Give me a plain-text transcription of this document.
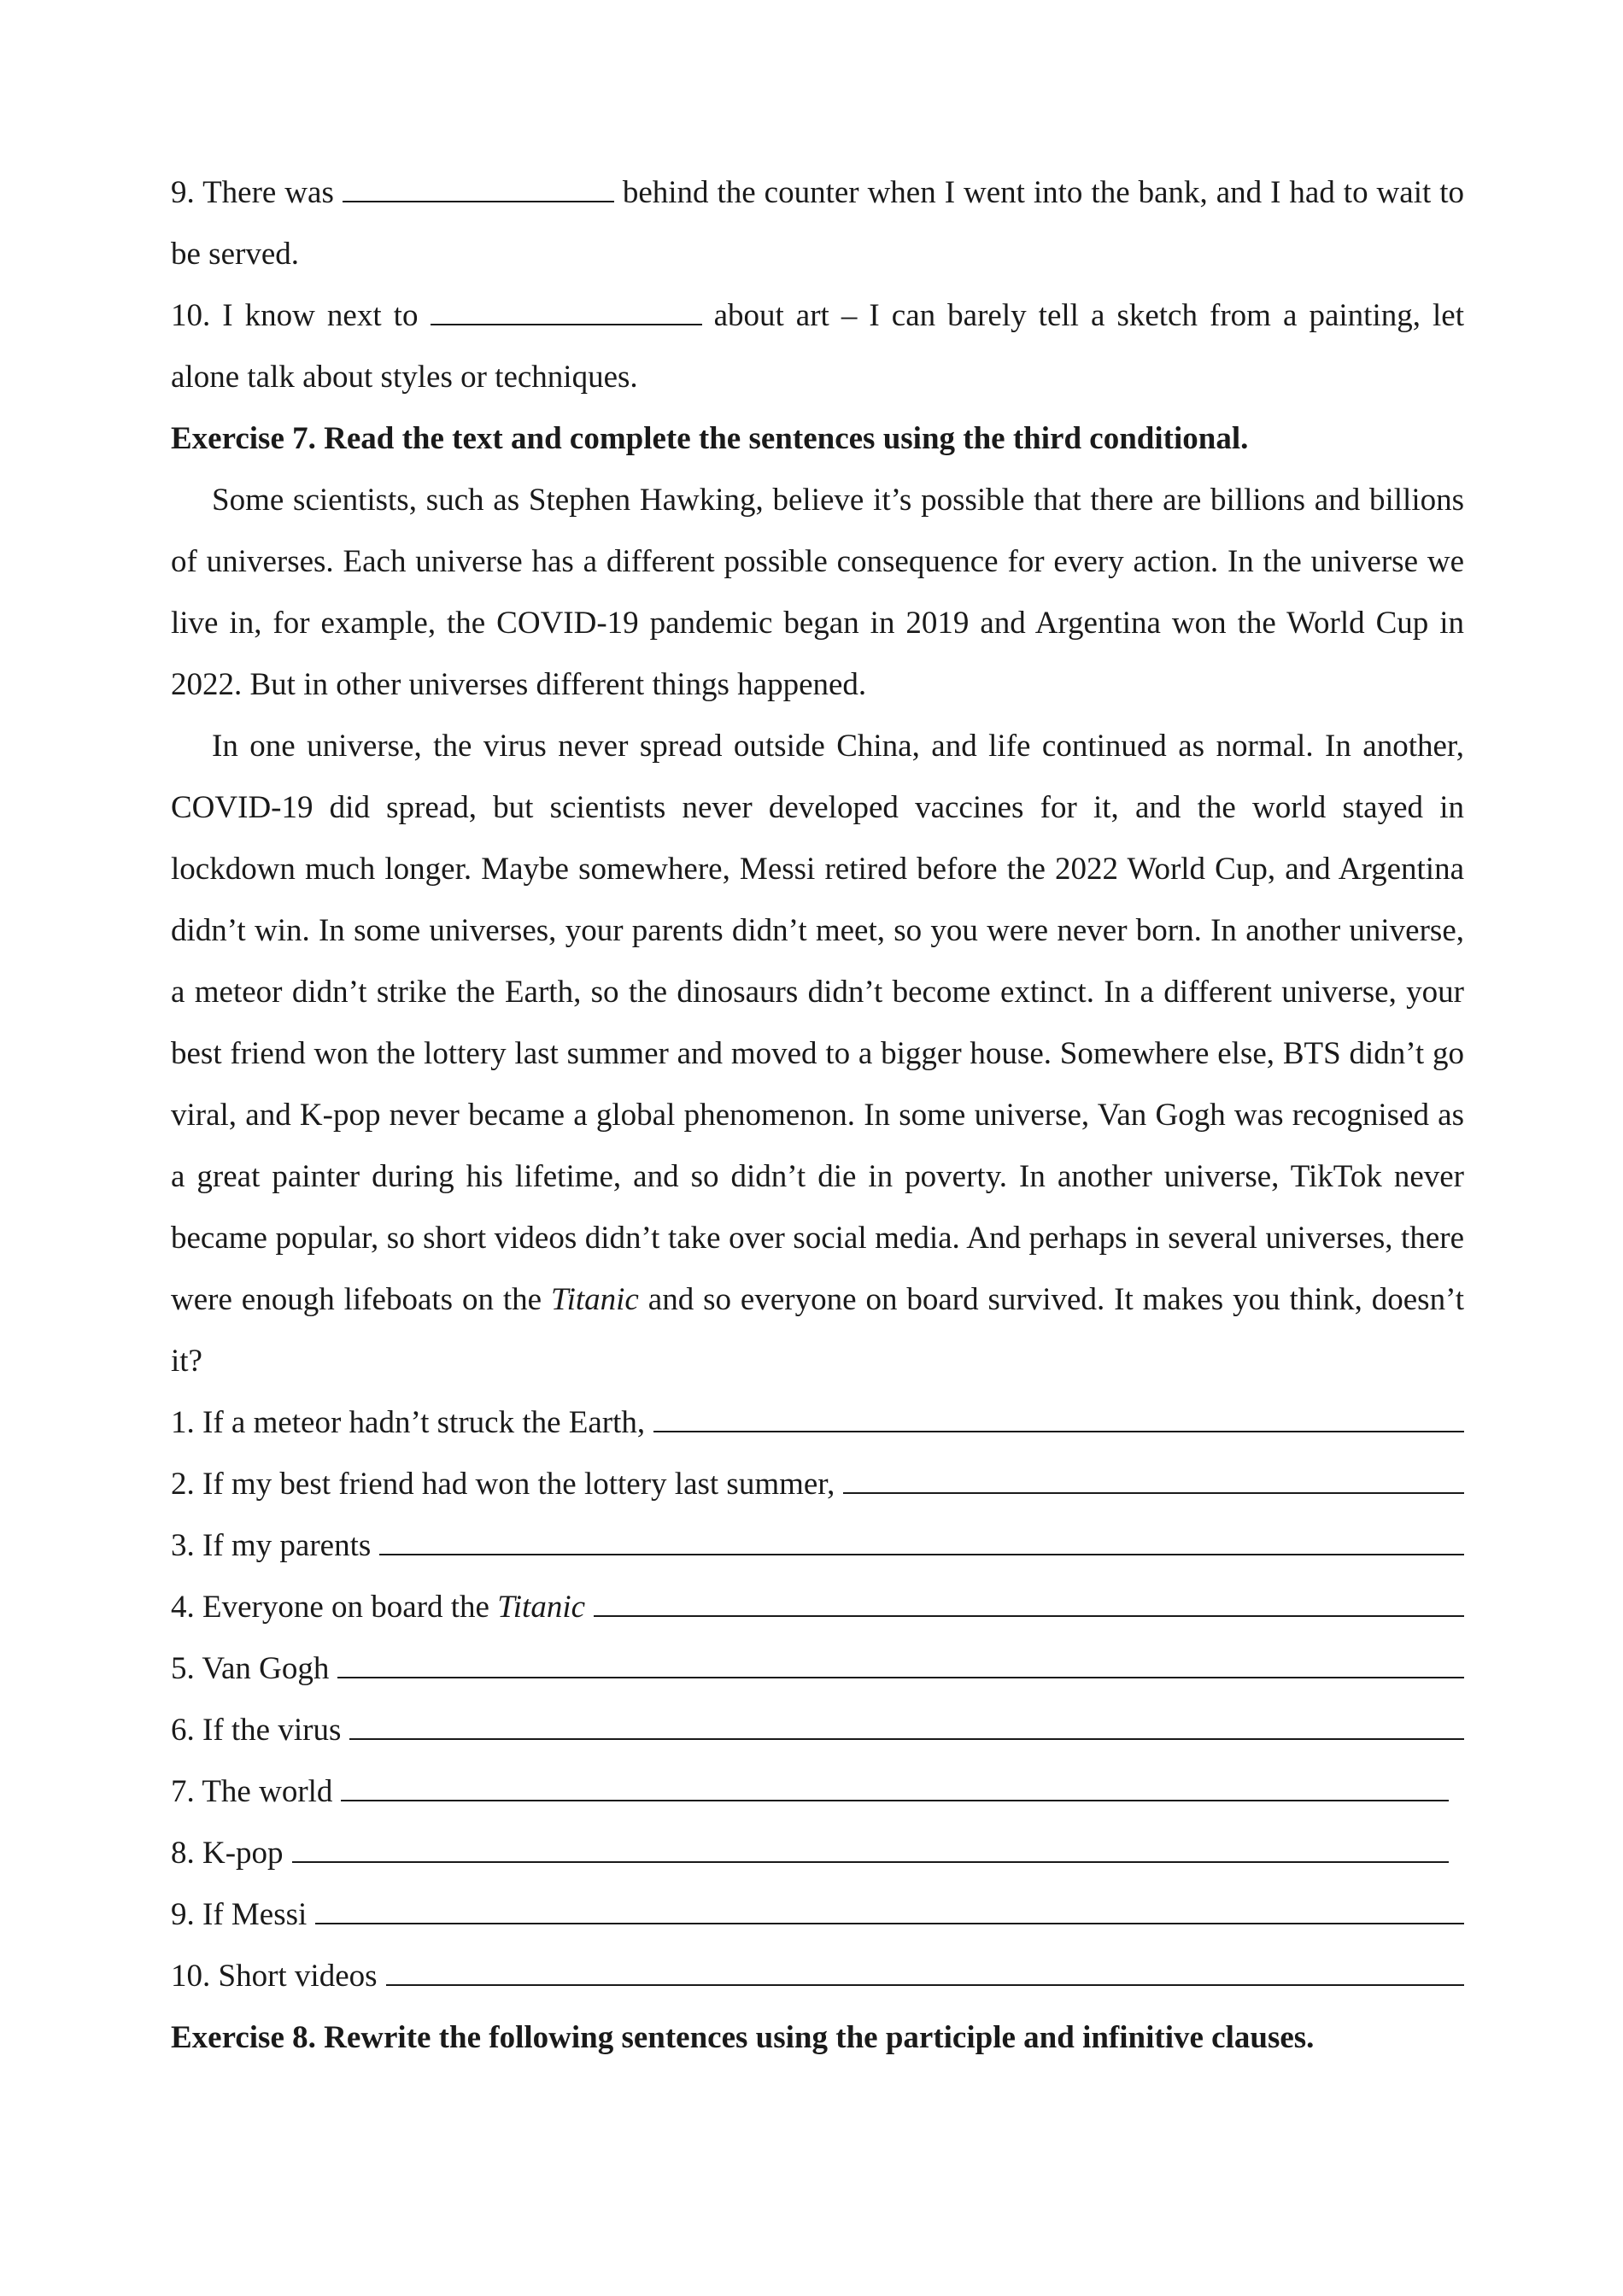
9. There was	behind the counter when I went into the bank, and I had to wait to be served.
10. I know next to	about art – I can barely tell a sketch from a painting, let alone talk about styles or techniques.
Exercise 7. Read the text and complete the sentences using the third conditional.
Some scientists, such as Stephen Hawking, believe it’s possible that there are billions and billions of universes. Each universe has a different possible consequence for every action. In the universe we live in, for example, the COVID-19 pandemic began in 2019 and Argentina won the World Cup in 2022. But in other universes different things happened.
In one universe, the virus never spread outside China, and life continued as normal. In another, COVID-19 did spread, but scientists never developed vaccines for it, and the world stayed in lockdown much longer. Maybe somewhere, Messi retired before the 2022 World Cup, and Argentina didn’t win. In some universes, your parents didn’t meet, so you were never born. In another universe, a meteor didn’t strike the Earth, so the dinosaurs didn’t become extinct. In a different universe, your best friend won the lottery last summer and moved to a bigger house. Somewhere else, BTS didn’t go viral, and K-pop never became a global phenomenon. In some universe, Van Gogh was recognised as a great painter during his lifetime, and so didn’t die in poverty. In another universe, TikTok never became popular, so short videos didn’t take over social media. And perhaps in several universes, there were enough lifeboats on the Titanic and so everyone on board survived. It makes you think, doesn’t it?
1. If a meteor hadn’t struck the Earth,
2. If my best friend had won the lottery last summer,
3. If my parents
4. Everyone on board the
Titanic
5. Van Gogh
6. If the virus
7. The world
8. K-pop
9. If Messi
10. Short videos
Exercise 8. Rewrite the following sentences using the participle and infinitive clauses.
